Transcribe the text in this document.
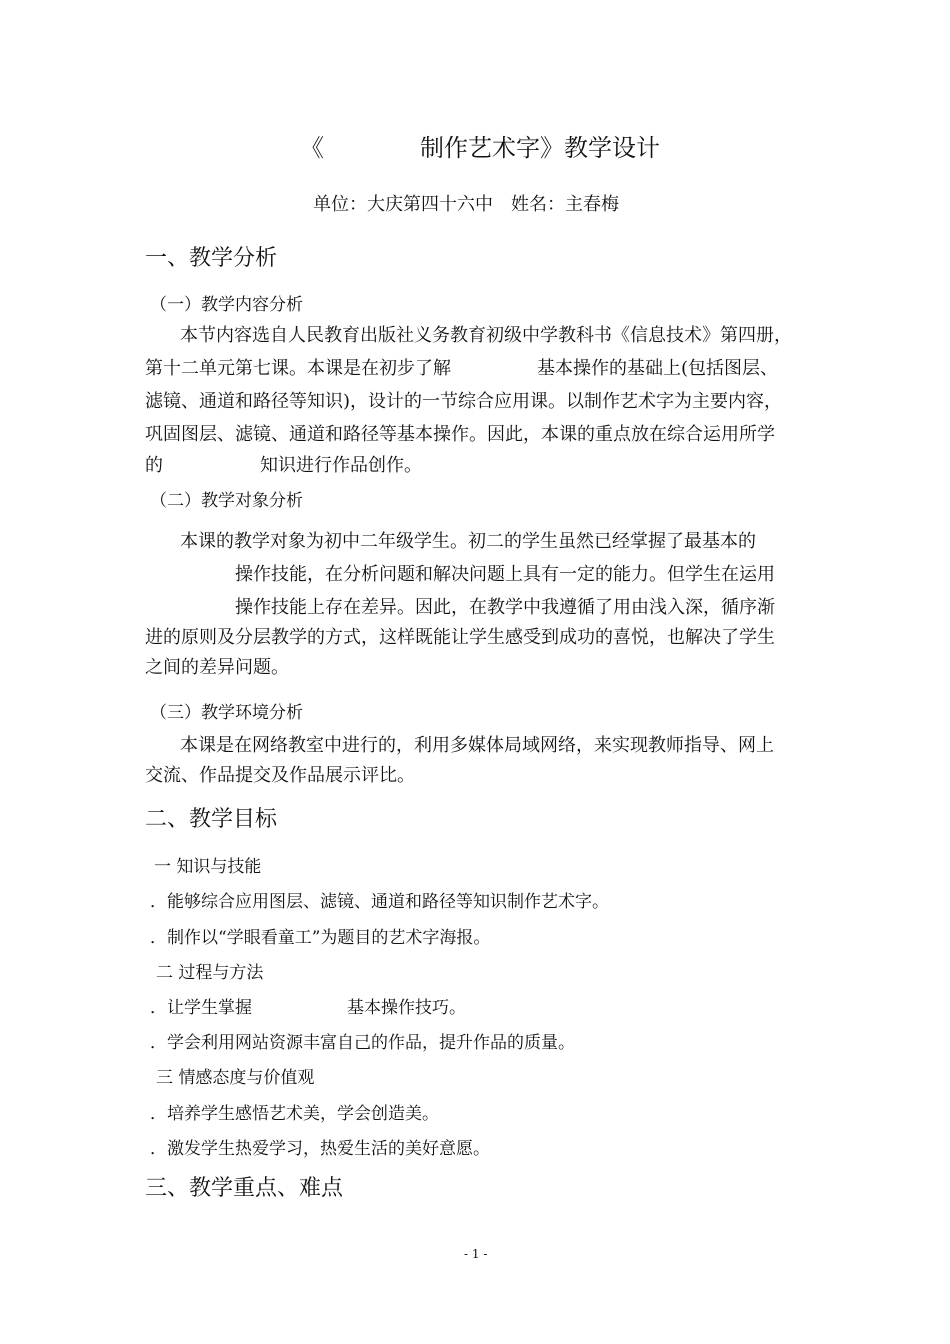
《	制作艺术字》教学设计
单位：大庆第四十六中　姓名：主春梅
一、教学分析
（一）教学内容分析
本节内容选自人民教育出版社义务教育初级中学教科书《信息技术》第四册，
第十二单元第七课。本课是在初步了解	基本操作的基础上(包括图层、
滤镜、通道和路径等知识)，设计的一节综合应用课。以制作艺术字为主要内容，
巩固图层、滤镜、通道和路径等基本操作。因此，本课的重点放在综合运用所学
的	知识进行作品创作。
（二）教学对象分析
本课的教学对象为初中二年级学生。初二的学生虽然已经掌握了最基本的
操作技能，在分析问题和解决问题上具有一定的能力。但学生在运用
操作技能上存在差异。因此，在教学中我遵循了用由浅入深，循序渐
进的原则及分层教学的方式，这样既能让学生感受到成功的喜悦，也解决了学生
之间的差异问题。
（三）教学环境分析
本课是在网络教室中进行的，利用多媒体局域网络，来实现教师指导、网上
交流、作品提交及作品展示评比。
二、教学目标
一 知识与技能
．能够综合应用图层、滤镜、通道和路径等知识制作艺术字。
．制作以“学眼看童工”为题目的艺术字海报。
二 过程与方法
．让学生掌握	基本操作技巧。
．学会利用网站资源丰富自己的作品，提升作品的质量。
三 情感态度与价值观
．培养学生感悟艺术美，学会创造美。
．激发学生热爱学习，热爱生活的美好意愿。
三、教学重点、难点
- 1 -
